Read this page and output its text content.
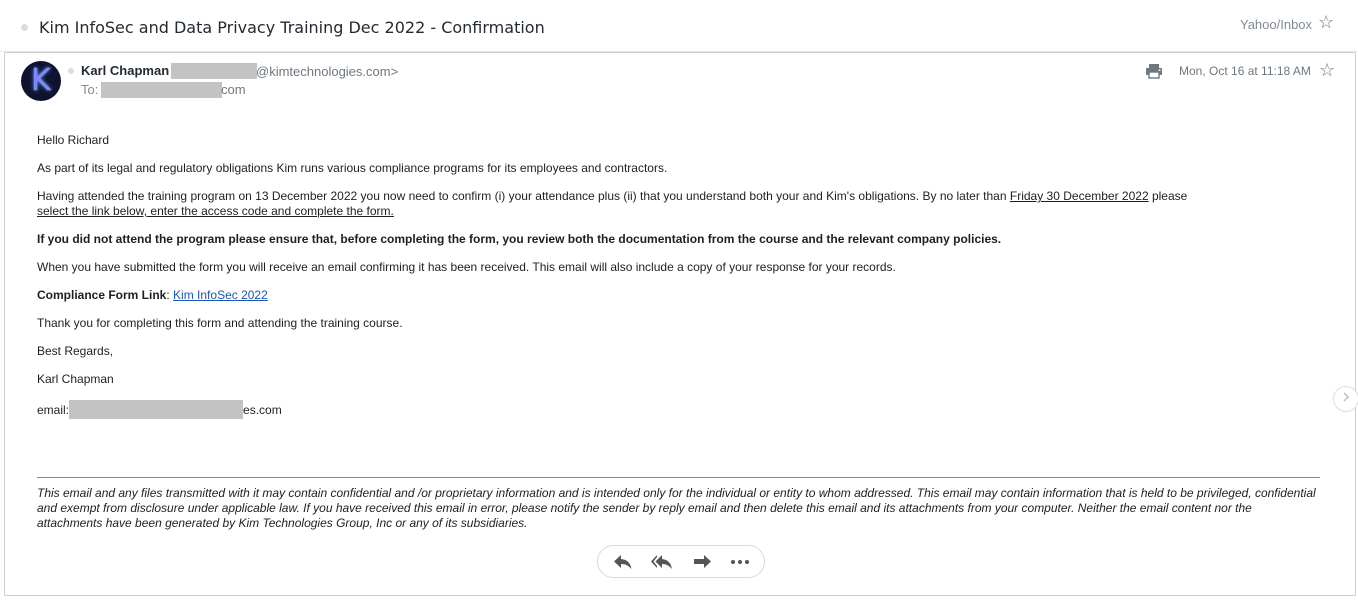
Kim InfoSec and Data Privacy Training Dec 2022 - Confirmation	Yahoo/Inbox ☆
K	Karl Chapman	@kimtechnologies.com>
To:	com
Mon, Oct 16 at 11:18 AM ☆

Hello Richard

As part of its legal and regulatory obligations Kim runs various compliance programs for its employees and contractors.

Having attended the training program on 13 December 2022 you now need to confirm (i) your attendance plus (ii) that you understand both your and Kim's obligations. By no later than Friday 30 December 2022 please
select the link below, enter the access code and complete the form.

If you did not attend the program please ensure that, before completing the form, you review both the documentation from the course and the relevant company policies.

When you have submitted the form you will receive an email confirming it has been received. This email will also include a copy of your response for your records.

Compliance Form Link: Kim InfoSec 2022

Thank you for completing this form and attending the training course.

Best Regards,

Karl Chapman

email:	es.com

This email and any files transmitted with it may contain confidential and /or proprietary information and is intended only for the individual or entity to whom addressed. This email may contain information that is held to be privileged, confidential and exempt from disclosure under applicable law. If you have received this email in error, please notify the sender by reply email and then delete this email and its attachments from your computer. Neither the email content nor the attachments have been generated by Kim Technologies Group, Inc or any of its subsidiaries.
